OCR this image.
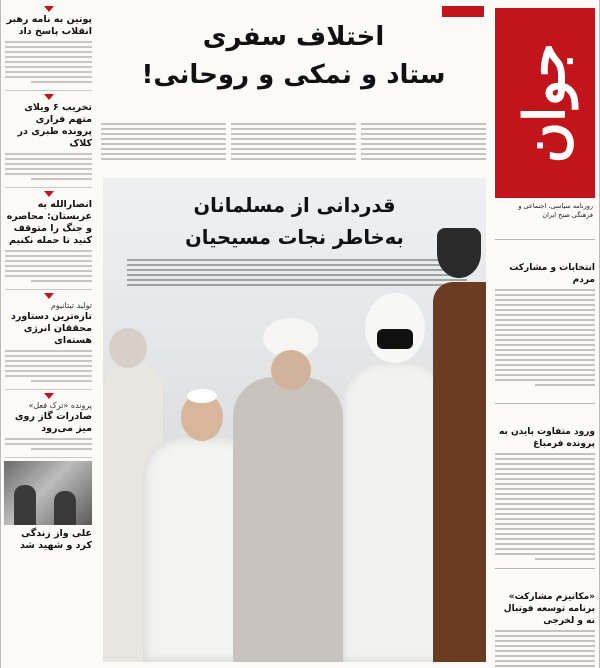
پوتین به نامه رهبر انقلاب پاسخ داد
تخریب ۶ ویلای متهم فراری پرونده طبری در کلاک
انصارالله به عربستان: محاصره و جنگ را متوقف کنید تا حمله نکنیم
تولید تیتانیوم
تازه‌ترین دستاورد محققان انرژی هسته‌ای
پرونده «ترک فعل»
صادرات گاز روی میز می‌رود
علی واز زندگی کرد و شهید شد
اختلاف سفری
ستاد و نمکی و روحانی!
قدردانی از مسلمانان
به‌خاطر نجات مسیحیان
جوان
روزنامه سیاسی، اجتماعی و فرهنگی صبح ایران
انتخابات و مشارکت مردم
ورود متفاوت بایدن به پرونده فرمباغ
«مکانیزم مشارکت» برنامه توسعه فوتبال نه و لخرجی
